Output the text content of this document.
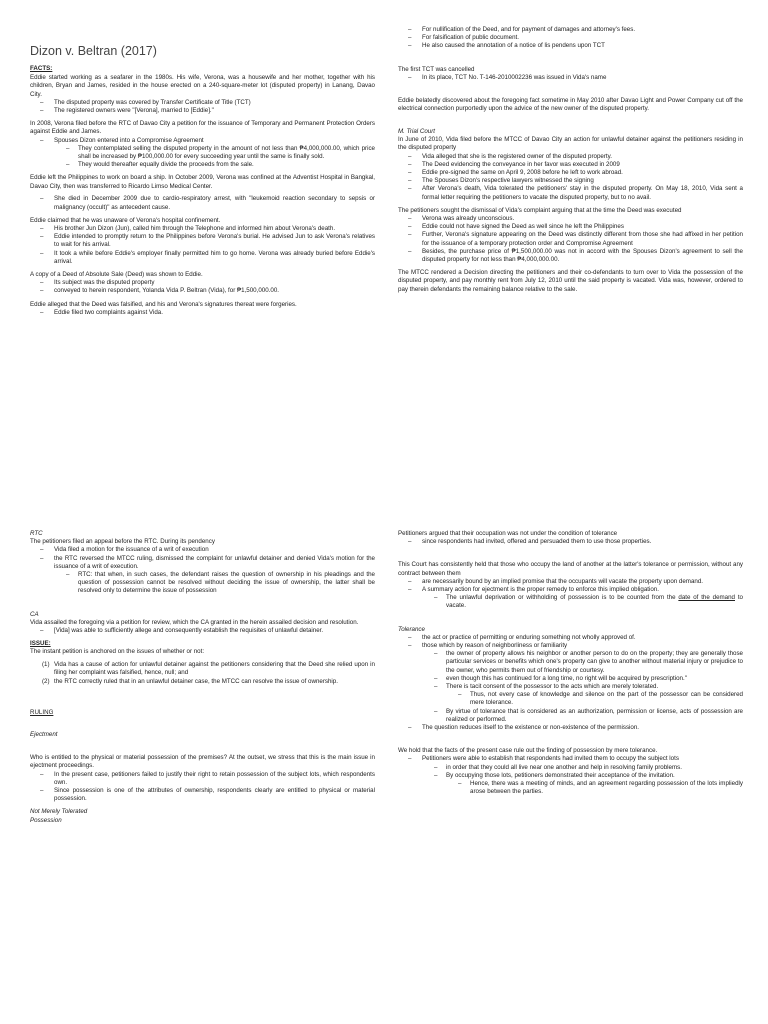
Dizon v. Beltran (2017)
FACTS:
Eddie started working as a seafarer in the 1980s. His wife, Verona, was a housewife and her mother, together with his children, Bryan and James, resided in the house erected on a 240-square-meter lot (disputed property) in Lanang, Davao City.
– The disputed property was covered by Transfer Certificate of Title (TCT)
– The registered owners were "[Verona], married to [Eddie]."
In 2008, Verona filed before the RTC of Davao City a petition for the issuance of Temporary and Permanent Protection Orders against Eddie and James.
– Spouses Dizon entered into a Compromise Agreement
– They contemplated selling the disputed property in the amount of not less than ₱4,000,000.00, which price shall be increased by ₱100,000.00 for every succeeding year until the same is finally sold.
– They would thereafter equally divide the proceeds from the sale.
Eddie left the Philippines to work on board a ship. In October 2009, Verona was confined at the Adventist Hospital in Bangkal, Davao City, then was transferred to Ricardo Limso Medical Center.
– She died in December 2009 due to cardio-respiratory arrest, with "leukemoid reaction secondary to sepsis or malignancy (occult)" as antecedent cause.
Eddie claimed that he was unaware of Verona's hospital confinement.
– His brother Jun Dizon (Jun), called him through the Telephone and informed him about Verona's death.
– Eddie intended to promptly return to the Philippines before Verona's burial. He advised Jun to ask Verona's relatives to wait for his arrival.
– It took a while before Eddie's employer finally permitted him to go home. Verona was already buried before Eddie's arrival.
A copy of a Deed of Absolute Sale (Deed) was shown to Eddie.
– Its subject was the disputed property
– conveyed to herein respondent, Yolanda Vida P. Beltran (Vida), for ₱1,500,000.00.
Eddie alleged that the Deed was falsified, and his and Verona's signatures thereat were forgeries.
– Eddie filed two complaints against Vida.
– For nullification of the Deed, and for payment of damages and attorney's fees.
– For falsification of public document.
– He also caused the annotation of a notice of lis pendens upon TCT
The first TCT was cancelled
– In its place, TCT No. T-146-2010002236 was issued in Vida's name
Eddie belatedly discovered about the foregoing fact sometime in May 2010 after Davao Light and Power Company cut off the electrical connection purportedly upon the advice of the new owner of the disputed property.
M. Trial Court
In June of 2010, Vida filed before the MTCC of Davao City an action for unlawful detainer against the petitioners residing in the disputed property
– Vida alleged that she is the registered owner of the disputed property.
– The Deed evidencing the conveyance in her favor was executed in 2009
– Eddie pre-signed the same on April 9, 2008 before he left to work abroad.
– The Spouses Dizon's respective lawyers witnessed the signing
– After Verona's death, Vida tolerated the petitioners' stay in the disputed property. On May 18, 2010, Vida sent a formal letter requiring the petitioners to vacate the disputed property, but to no avail.
The petitioners sought the dismissal of Vida's complaint arguing that at the time the Deed was executed
– Verona was already unconscious.
– Eddie could not have signed the Deed as well since he left the Philippines
– Further, Verona's signature appearing on the Deed was distinctly different from those she had affixed in her petition for the issuance of a temporary protection order and Compromise Agreement
– Besides, the purchase price of ₱1,500,000.00 was not in accord with the Spouses Dizon's agreement to sell the disputed property for not less than ₱4,000,000.00.
The MTCC rendered a Decision directing the petitioners and their co-defendants to turn over to Vida the possession of the disputed property, and pay monthly rent from July 12, 2010 until the said property is vacated. Vida was, however, ordered to pay therein defendants the remaining balance relative to the sale.
RTC
The petitioners filed an appeal before the RTC. During its pendency
– Vida filed a motion for the issuance of a writ of execution
– the RTC reversed the MTCC ruling, dismissed the complaint for unlawful detainer and denied Vida's motion for the issuance of a writ of execution.
– RTC: that when, in such cases, the defendant raises the question of ownership in his pleadings and the question of possession cannot be resolved without deciding the issue of ownership, the latter shall be resolved only to determine the issue of possession
CA
Vida assailed the foregoing via a petition for review, which the CA granted in the herein assailed decision and resolution.
– [Vida] was able to sufficiently allege and consequently establish the requisites of unlawful detainer.
ISSUE:
The instant petition is anchored on the issues of whether or not:
(1) Vida has a cause of action for unlawful detainer against the petitioners considering that the Deed she relied upon in filing her complaint was falsified, hence, null; and
(2) the RTC correctly ruled that in an unlawful detainer case, the MTCC can resolve the issue of ownership.
RULING
Ejectment
Who is entitled to the physical or material possession of the premises? At the outset, we stress that this is the main issue in ejectment proceedings.
– In the present case, petitioners failed to justify their right to retain possession of the subject lots, which respondents own.
– Since possession is one of the attributes of ownership, respondents clearly are entitled to physical or material possession.
Not Merely Tolerated
Possession
Petitioners argued that their occupation was not under the condition of tolerance
– since respondents had invited, offered and persuaded them to use those properties.
This Court has consistently held that those who occupy the land of another at the latter's tolerance or permission, without any contract between them
– are necessarily bound by an implied promise that the occupants will vacate the property upon demand.
– A summary action for ejectment is the proper remedy to enforce this implied obligation.
– The unlawful deprivation or withholding of possession is to be counted from the date of the demand to vacate.
Tolerance
– the act or practice of permitting or enduring something not wholly approved of.
– those which by reason of neighborliness or familiarity
– the owner of property allows his neighbor or another person to do on the property; they are generally those particular services or benefits which one's property can give to another without material injury or prejudice to the owner, who permits them out of friendship or courtesy.
– even though this has continued for a long time, no right will be acquired by prescription."
– There is tacit consent of the possessor to the acts which are merely tolerated.
– Thus, not every case of knowledge and silence on the part of the possessor can be considered mere tolerance.
– By virtue of tolerance that is considered as an authorization, permission or license, acts of possession are realized or performed.
– The question reduces itself to the existence or non-existence of the permission.
We hold that the facts of the present case rule out the finding of possession by mere tolerance.
– Petitioners were able to establish that respondents had invited them to occupy the subject lots
– in order that they could all live near one another and help in resolving family problems.
– By occupying those lots, petitioners demonstrated their acceptance of the invitation.
– Hence, there was a meeting of minds, and an agreement regarding possession of the lots impliedly arose between the parties.
